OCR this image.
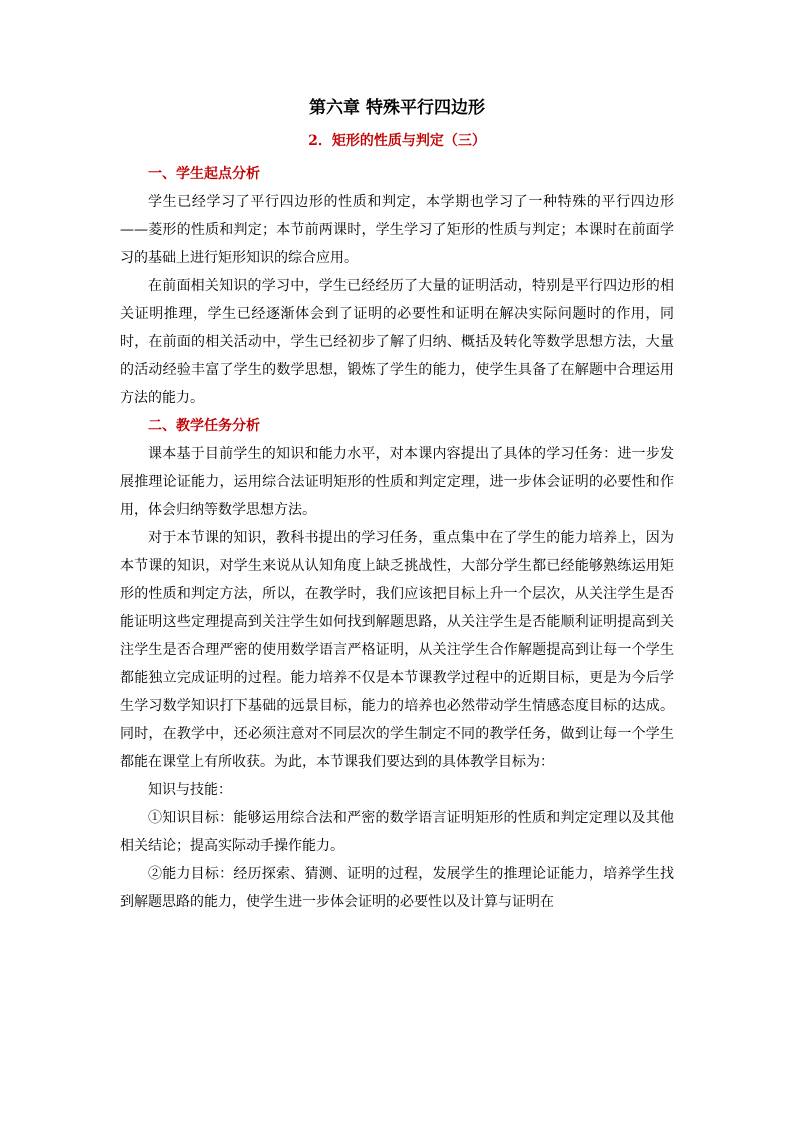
第六章 特殊平行四边形
2．矩形的性质与判定（三）
一、学生起点分析

学生已经学习了平行四边形的性质和判定，本学期也学习了一种特殊的平行四边形——菱形的性质和判定；本节前两课时，学生学习了矩形的性质与判定；本课时在前面学习的基础上进行矩形知识的综合应用。

在前面相关知识的学习中，学生已经经历了大量的证明活动，特别是平行四边形的相关证明推理，学生已经逐渐体会到了证明的必要性和证明在解决实际问题时的作用，同时，在前面的相关活动中，学生已经初步了解了归纳、概括及转化等数学思想方法，大量的活动经验丰富了学生的数学思想，锻炼了学生的能力，使学生具备了在解题中合理运用方法的能力。

二、教学任务分析

课本基于目前学生的知识和能力水平，对本课内容提出了具体的学习任务：进一步发展推理论证能力，运用综合法证明矩形的性质和判定定理，进一步体会证明的必要性和作用，体会归纳等数学思想方法。

对于本节课的知识，教科书提出的学习任务，重点集中在了学生的能力培养上，因为本节课的知识，对学生来说从认知角度上缺乏挑战性，大部分学生都已经能够熟练运用矩形的性质和判定方法，所以，在教学时，我们应该把目标上升一个层次，从关注学生是否能证明这些定理提高到关注学生如何找到解题思路，从关注学生是否能顺利证明提高到关注学生是否合理严密的使用数学语言严格证明，从关注学生合作解题提高到让每一个学生都能独立完成证明的过程。能力培养不仅是本节课教学过程中的近期目标，更是为今后学生学习数学知识打下基础的远景目标，能力的培养也必然带动学生情感态度目标的达成。同时，在教学中，还必须注意对不同层次的学生制定不同的教学任务，做到让每一个学生都能在课堂上有所收获。为此，本节课我们要达到的具体教学目标为：

知识与技能：

①知识目标：能够运用综合法和严密的数学语言证明矩形的性质和判定定理以及其他相关结论；提高实际动手操作能力。

②能力目标：经历探索、猜测、证明的过程，发展学生的推理论证能力，培养学生找到解题思路的能力，使学生进一步体会证明的必要性以及计算与证明在
